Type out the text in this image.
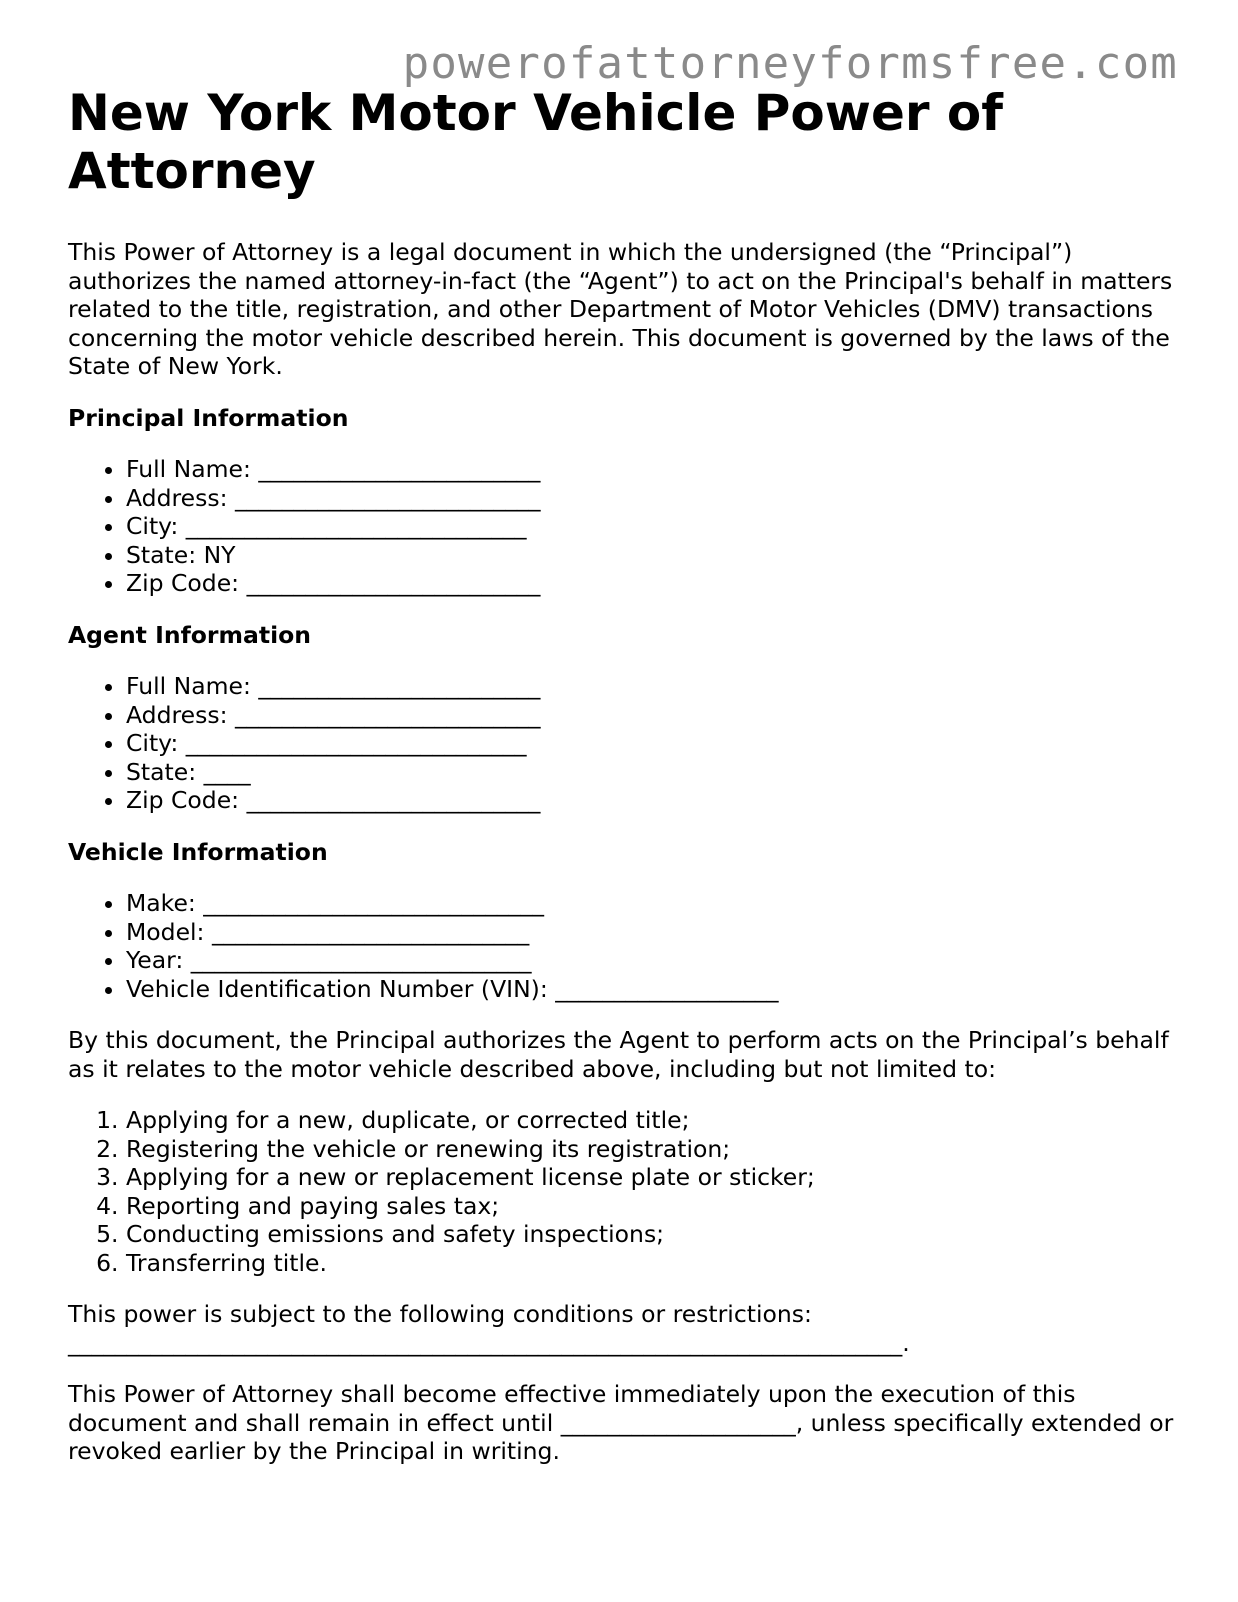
powerofattorneyformsfree.com
New York Motor Vehicle Power of Attorney

This Power of Attorney is a legal document in which the undersigned (the “Principal”) authorizes the named attorney-in-fact (the “Agent”) to act on the Principal's behalf in matters related to the title, registration, and other Department of Motor Vehicles (DMV) transactions concerning the motor vehicle described herein. This document is governed by the laws of the State of New York.

Principal Information
• Full Name: ________________________
• Address: __________________________
• City: _____________________________
• State: NY
• Zip Code: _________________________
Agent Information
• Full Name: ________________________
• Address: __________________________
• City: _____________________________
• State: ____
• Zip Code: _________________________
Vehicle Information
• Make: _____________________________
• Model: ___________________________
• Year: _____________________________
• Vehicle Identification Number (VIN): ___________________

By this document, the Principal authorizes the Agent to perform acts on the Principal’s behalf as it relates to the motor vehicle described above, including but not limited to:

1. Applying for a new, duplicate, or corrected title;
2. Registering the vehicle or renewing its registration;
3. Applying for a new or replacement license plate or sticker;
4. Reporting and paying sales tax;
5. Conducting emissions and safety inspections;
6. Transferring title.

This power is subject to the following conditions or restrictions: _______________________________________________________________________.

This Power of Attorney shall become effective immediately upon the execution of this document and shall remain in effect until ____________________, unless specifically extended or revoked earlier by the Principal in writing.
